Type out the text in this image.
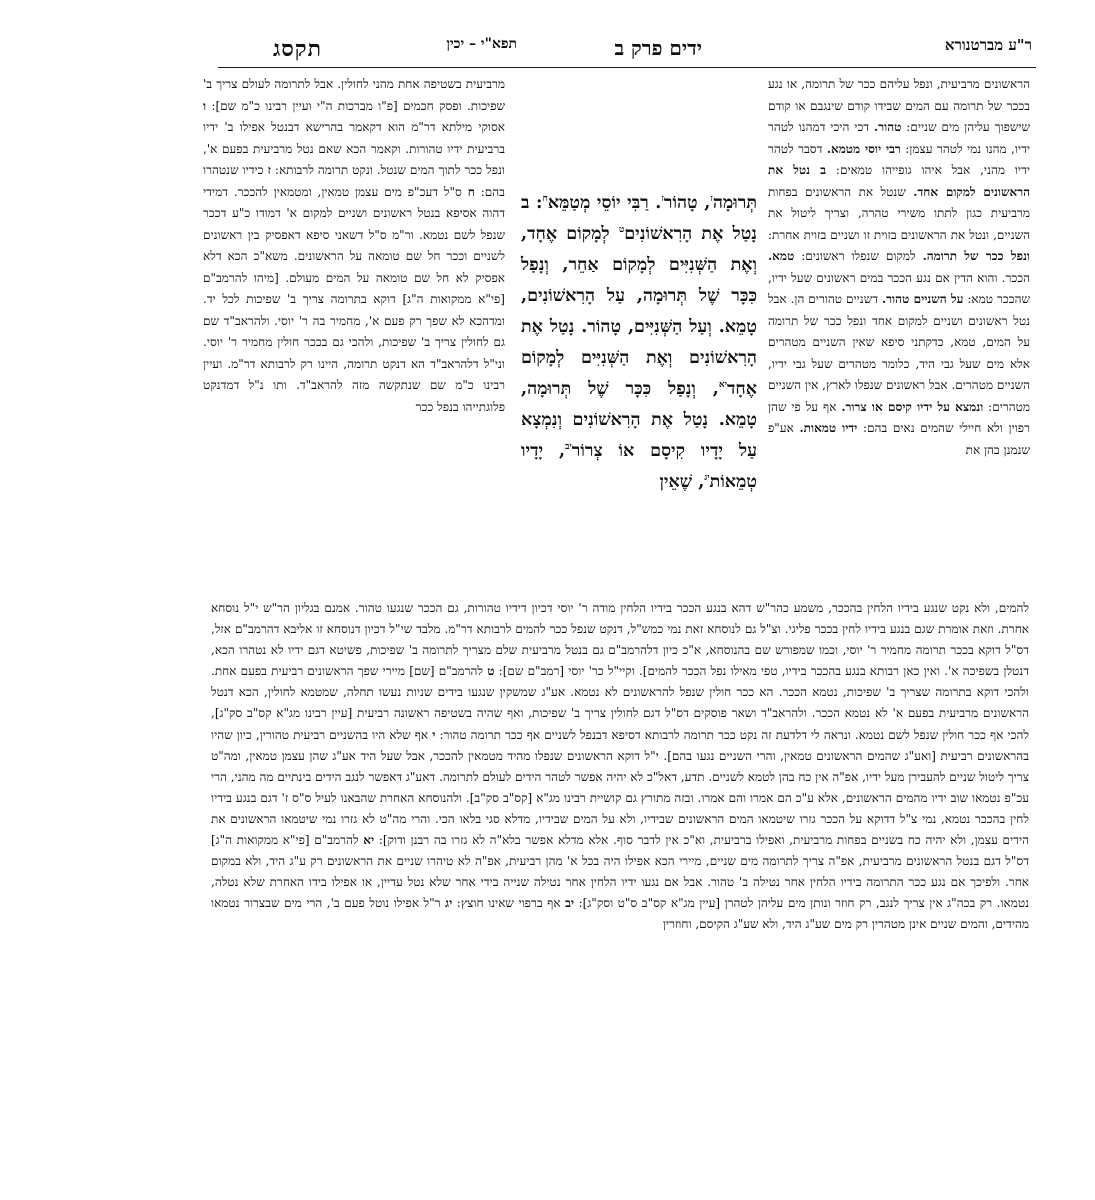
ר"ע מברטנורא
ידים פרק ב
תפא"י – יכין
תקסג

הראשונים מרביעית, ונפל עליהם ככר של תרומה, או נגע בככר של תרומה עם המים שבידו קודם שינגבם או קודם שישפוך עליהן מים שניים: טהור. דכי היכי דמהנו לטהר ידיו, מהנו נמי לטהר עצמן: רבי יוסי מטמא. דסבר לטהר ידיו מהני, אבל איהו גופייהו טמאים: ב נטל את הראשונים למקום אחד. שנטל את הראשונים בפחות מרביעית כגון לתתו משירי טהרה, וצריך ליטול את השניים, ונטל את הראשונים בזוית זו ושניים בזוית אחרת: ונפל ככר של תרומה. למקום שנפלו ראשונים: טמא. הככר. והוא הדין אם נגע הככר במים ראשונים שעל ידיו, שהככר טמא: על השניים טהור. דשניים טהורים הן. אבל נטל ראשונים ושניים למקום אחד ונפל ככר של תרומה על המים, טמא, כדקתני סיפא שאין השניים מטהרים אלא מים שעל גבי היד, כלומר מטהרים שעל גבי ידיו, השניים מטהרים. אבל ראשונים שנפלו לארץ, אין השניים מטהרים: ונמצא על ידיו קיסם או צרור. אף על פי שהן רפוין ולא חיילי שהמים נאים בהם: ידיו טמאות. אע"פ שנמנן בהן את

תְּרוּמָה$^ז$, טָהוֹר$^ז$. רַבִּי יוֹסֵי מְטַמֵּא$^ח$: ב נָטַל אֶת הָרִאשׁוֹנִים$^ט$ לְמָקוֹם אֶחָד, וְאֶת הַשְּׁנִיִּים לְמָקוֹם אַחֵר, וְנָפַל כִּכָּר שֶׁל תְּרוּמָה, עַל הָרִאשׁוֹנִים, טָמֵא. וְעַל הַשְּׁנִיִּים, טָהוֹר. נָטַל אֶת הָרִאשׁוֹנִים וְאֶת הַשְּׁנִיִּים לְמָקוֹם אֶחָד$^{יא}$, וְנָפַל כִּכָּר שֶׁל תְּרוּמָה, טָמֵא. נָטַל אֶת הָרִאשׁוֹנִים וְנִמְצָא עַל יָדָיו קִיסָם אוֹ צְרוֹר$^{יב}$, יָדָיו טְמֵאוֹת$^{יג}$, שֶׁאֵין

מרביעית בשטיפה אחת מהני לחולין. אבל לתרומה לעולם צריך ב' שפיכות. ופסק חכמים [פ"ו מברכות ה"י ועיין רבינו כ"מ שם]: ו אסוקי מילתא דר"מ הוא דקאמר בהרישא דבנטל אפילו ב' ידיו ברביעית ידיו טהורות. וקאמר הכא שאם נטל מרביעית בפעם א', ונפל ככר לתוך המים שנטל. ונקט תרומה לרבותא: ז כידיו שנטהרו בהם: ח ס"ל דעכ"פ מים עצמן טמאין, ומטמאין להככר. דמידי דהוה אסיפא בנטל ראשונים ושניים למקום א' דמודו כ"ע דככר שנפל לשם נטמא. ור"מ ס"ל דשאני סיפא דאפסיק בין ראשונים לשניים וככר חל שם טומאה על הראשונים. משא"כ הכא דלא אפסיק לא חל שם טומאה על המים מעולם. [מיהו להרמב"ם [פי"א ממקואות ה"ג] דוקא בתרומה צריך ב' שפיכות לכל יד. ומדהכא לא שפך רק פעם א', מחמיר בה ר' יוסי. ולהראב"ד שם גם לחולין צריך ב' שפיכות, ולהכי גם בככר חולין מחמיר ר' יוסי. וני"ל דלהראב"ד הא דנקט תרומה, היינו רק לרבותא דר"מ. ועיין רבינו כ"מ שם שנתקשה מזה להראב"ד. ותו נ"ל דמדנקט פלוגתייהו בנפל ככר

להמים, ולא נקט שנגע בידיו הלחין בהככר, משמע כהר"ש דהא בנגע הככר בידיו הלחין מודה ר' יוסי דכיון דידיו טהורות, גם הככר שנגעו טהור. אמנם בגליון הר"ש י"ל נוסחא אחרת. וזאת אומרת שגם בנגע בידיו לחין בככר פליגי. וצ"ל גם לנוסחא זאת נמי כמש"ל, דנקט שנפל ככר להמים לרבותא דר"מ. מלבד שי"ל דכיון דנוסחא זו אליבא דהרמב"ם אזל, דס"ל דוקא בככר תרומה מחמיר ר' יוסי, וכמו שמפורש שם בהנוסחא, א"כ כיון דלהרמב"ם גם בנטל מרביעית שלם מצריך לתרומה ב' שפיכות, פשיטא דגם ידיו לא נטהרו הכא, דנטלן בשפיכה א'. ואין כאן רבותא בנגע בהככר בידיו, טפי מאילו נפל הככר להמים]. וקיי"ל כר' יוסי [רמב"ם שם]: ט להרמב"ם [שם] מיירי שפך הראשונים רביעית בפעם אחת. ולהכי דוקא בתרומה שצריך ב' שפיכות, נטמא הככר. הא ככר חולין שנפל להראשונים לא נטמא. אע"ג שמשקין שנגעו בידים שניות נעשו תחלה, שמטמא לחולין, הכא דנטל הראשונים מרביעית בפעם א' לא נטמא הככר. ולהראב"ד ושאר פוסקים דס"ל דגם לחולין צריך ב' שפיכות, ואף שהיה בשטיפה ראשונה רביעית [עיין רבינו מג"א קס"ב סק"ג], להכי אף ככר חולין שנפל לשם נטמא. ונראה לי דלדעת זה נקט ככר תרומה לרבותא דסיפא דבנפל לשניים אף ככר תרומה טהור: י אף שלא היו בהשניים רביעית טהורין, כיון שהיו בהראשונים רביעית [ואע"ג שהמים הראשונים טמאין, והרי השניים נגעו בהם]. י"ל דוקא הראשונים שנפלו מהיד מטמאין להככר, אבל שעל היד אע"ג שהן עצמן טמאין, ומה"ט צריך ליטול שניים להעבירן מעל ידיו, אפ"ה אין כח בהן לטמא לשניים. תדע, דאל"כ לא יהיה אפשר לטהר הידים לעולם לתרומה. דאע"ג דאפשר לנגב הידים בינתיים מה מהני, הרי עכ"פ נטמאו שוב ידיו מהמים הראשונים, אלא ע"כ הם אמרו והם אמרו. ובזה מתורץ גם קושיית רבינו מג"א [קס"ב סק"ב]. ולהנוסחא האחרת שהבאנו לעיל ס"ס ז' דגם בנגע בידיו לחין בהככר נטמא, נמי צ"ל דדוקא על הככר גזרו שיטמאו המים הראשונים שבידיו, ולא על המים שבידיו, מדלא סגי בלאו הכי. והרי מה"ט לא גזרו נמי שיטמאו הראשונים את הידים עצמן, ולא יהיה כח בשניים בפחות מרביעית, ואפילו ברביעית, וא"כ אין לדבר סוף. אלא מדלא אפשר בלא"ה לא גזרו בה רבנן ודוק]: יא להרמב"ם [פי"א ממקואות ה"ג] דס"ל דגם בנטל הראשונים מרביעית, אפ"ה צריך לתרומה מים שניים, מיירי הכא אפילו היה בכל א' מהן רביעית, אפ"ה לא טיהרו שניים את הראשונים רק ע"ג היד, ולא במקום אחר. ולפיכך אם נגע ככר התרומה בידיו הלחין אחר נטילה ב' טהור. אבל אם נגעו ידיו הלחין אחר נטילה שנייה בידי אחר שלא נטל עדיין, או אפילו בידו האחרת שלא נטלה, נטמאו. רק בכה"ג אין צריך לנגב, רק חוזר ונותן מים עליהן לטהרן [עיין מג"א קס"ב ס"ט וסק"ג]: יב אף ברפוי שאינו חוצץ: יג ר"ל אפילו נוטל פעם ב', הרי מים שבצרור נטמאו מהידים, והמים שניים אינן מטהרין רק מים שע"ג היד, ולא שע"ג הקיסם, וחוזרין
